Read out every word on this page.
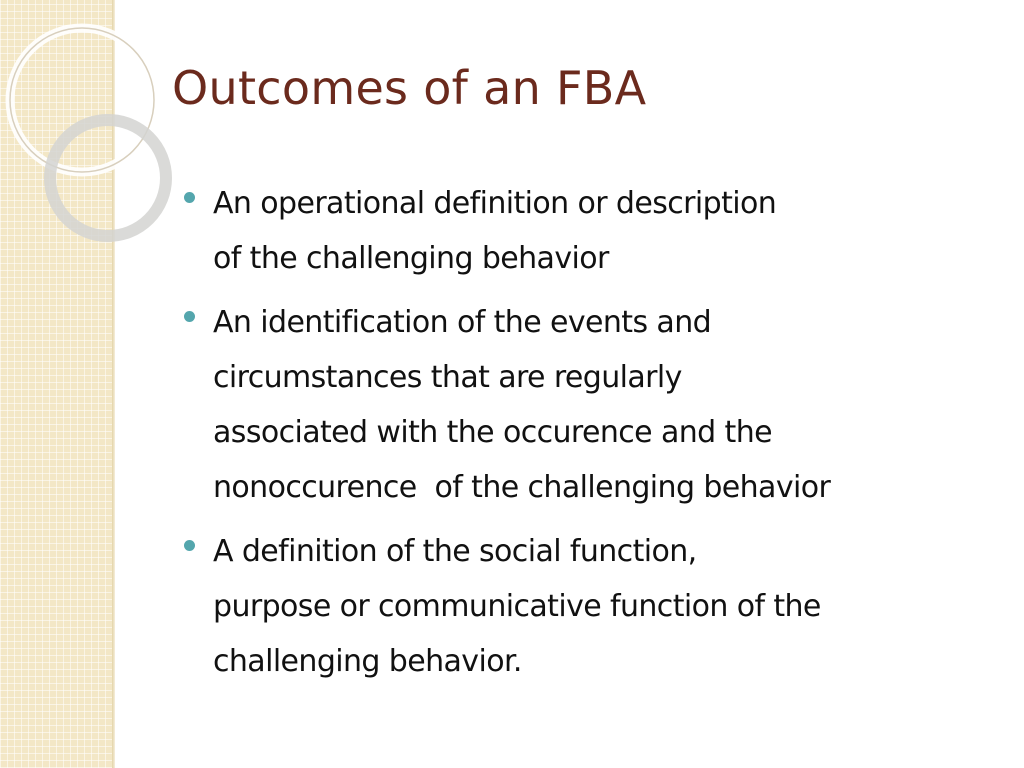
Outcomes of an FBA
An operational definition or description
of the challenging behavior
An identification of the events and
circumstances that are regularly
associated with the occurence and the
nonoccurence  of the challenging behavior
A definition of the social function,
purpose or communicative function of the
challenging behavior.
